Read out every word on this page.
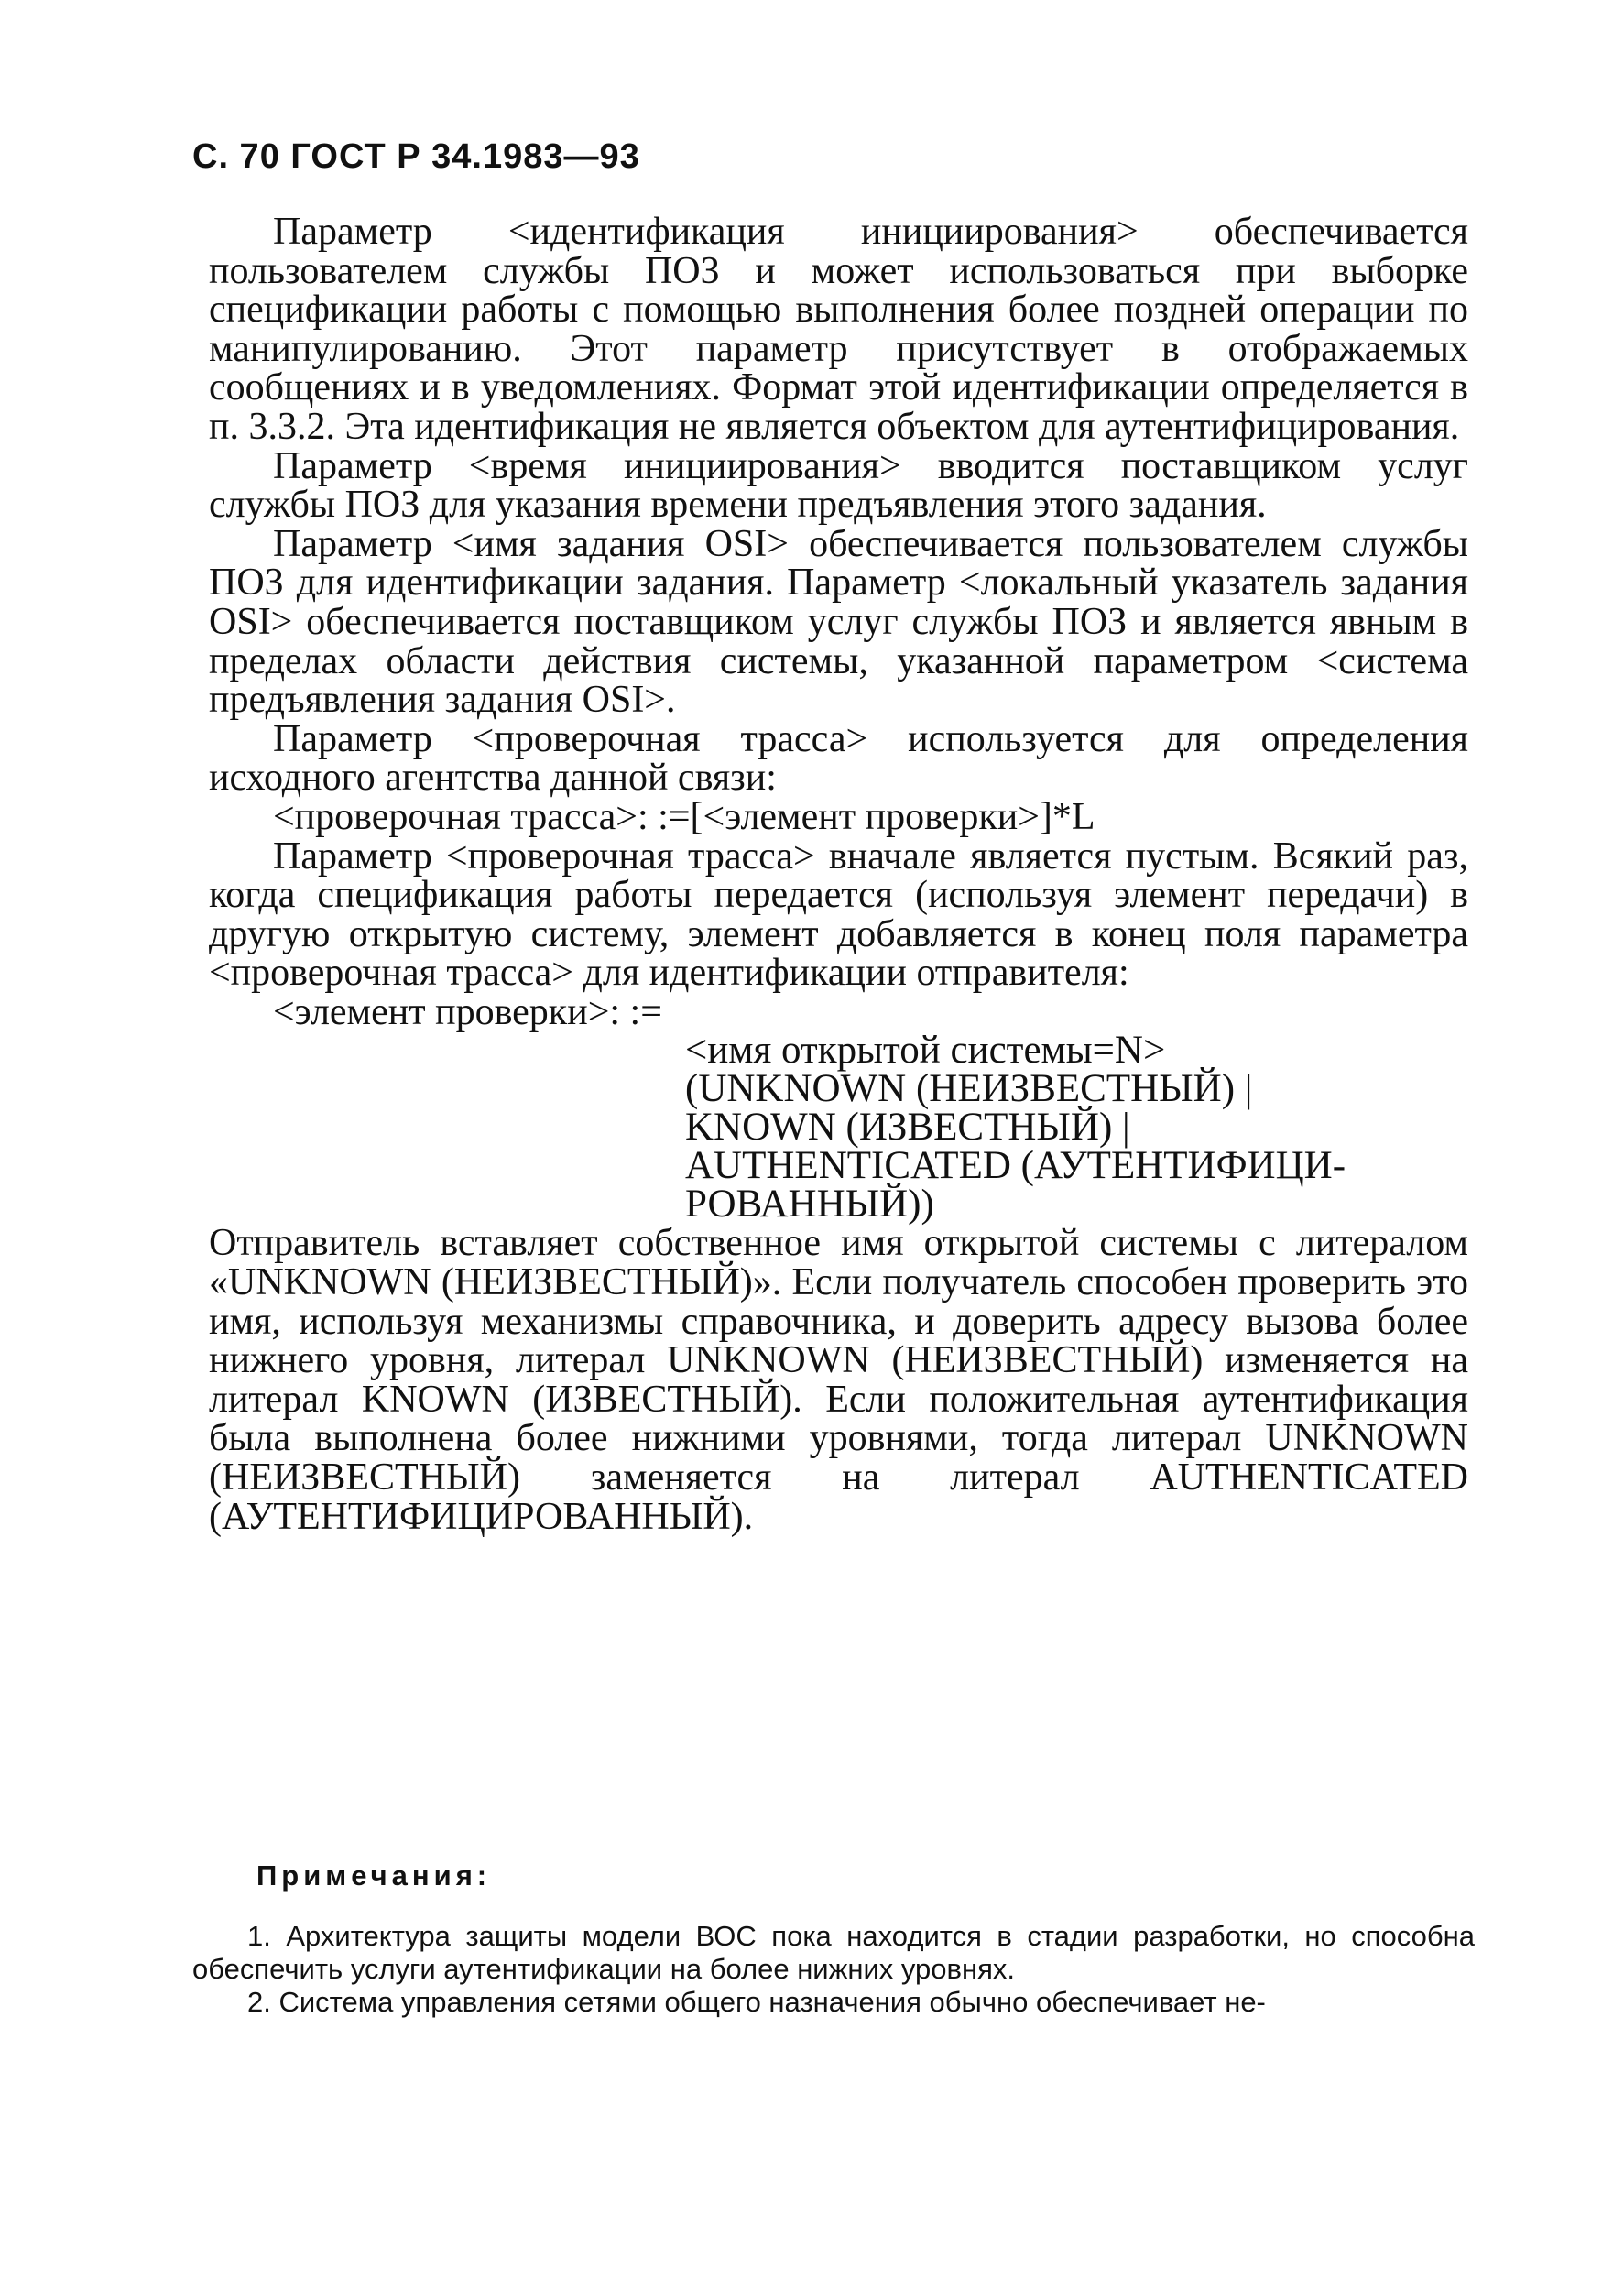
С. 70 ГОСТ Р 34.1983—93

Параметр <идентификация инициирования> обеспечивается пользователем службы ПОЗ и может использоваться при выборке спецификации работы с помощью выполнения более поздней операции по манипулированию. Этот параметр присутствует в отображаемых сообщениях и в уведомлениях. Формат этой идентификации определяется в п. 3.3.2. Эта идентификация не является объектом для аутентифицирования.

Параметр <время инициирования> вводится поставщиком услуг службы ПОЗ для указания времени предъявления этого задания.

Параметр <имя задания OSI> обеспечивается пользователем службы ПОЗ для идентификации задания. Параметр <локальный указатель задания OSI> обеспечивается поставщиком услуг службы ПОЗ и является явным в пределах области действия системы, указанной параметром <система предъявления задания OSI>.

Параметр <проверочная трасса> используется для определения исходного агентства данной связи:

<проверочная трасса>: :=[<элемент проверки>]*L

Параметр <проверочная трасса> вначале является пустым. Всякий раз, когда спецификация работы передается (используя элемент передачи) в другую открытую систему, элемент добавляется в конец поля параметра <проверочная трасса> для идентификации отправителя:

<элемент проверки>: :=
<имя открытой системы=N>
(UNKNOWN (НЕИЗВЕСТНЫЙ) |
KNOWN (ИЗВЕСТНЫЙ) |
AUTHENTICATED (АУТЕНТИФИЦИ-
РОВАННЫЙ))

Отправитель вставляет собственное имя открытой системы с литералом «UNKNOWN (НЕИЗВЕСТНЫЙ)». Если получатель способен проверить это имя, используя механизмы справочника, и доверить адресу вызова более нижнего уровня, литерал UNKNOWN (НЕИЗВЕСТНЫЙ) изменяется на литерал KNOWN (ИЗВЕСТНЫЙ). Если положительная аутентификация была выполнена более нижними уровнями, тогда литерал UNKNOWN (НЕИЗВЕСТНЫЙ) заменяется на литерал AUTHENTICATED (АУТЕНТИФИЦИРОВАННЫЙ).

Примечания:

1. Архитектура защиты модели ВОС пока находится в стадии разработки, но способна обеспечить услуги аутентификации на более нижних уровнях.

2. Система управления сетями общего назначения обычно обеспечивает не-
